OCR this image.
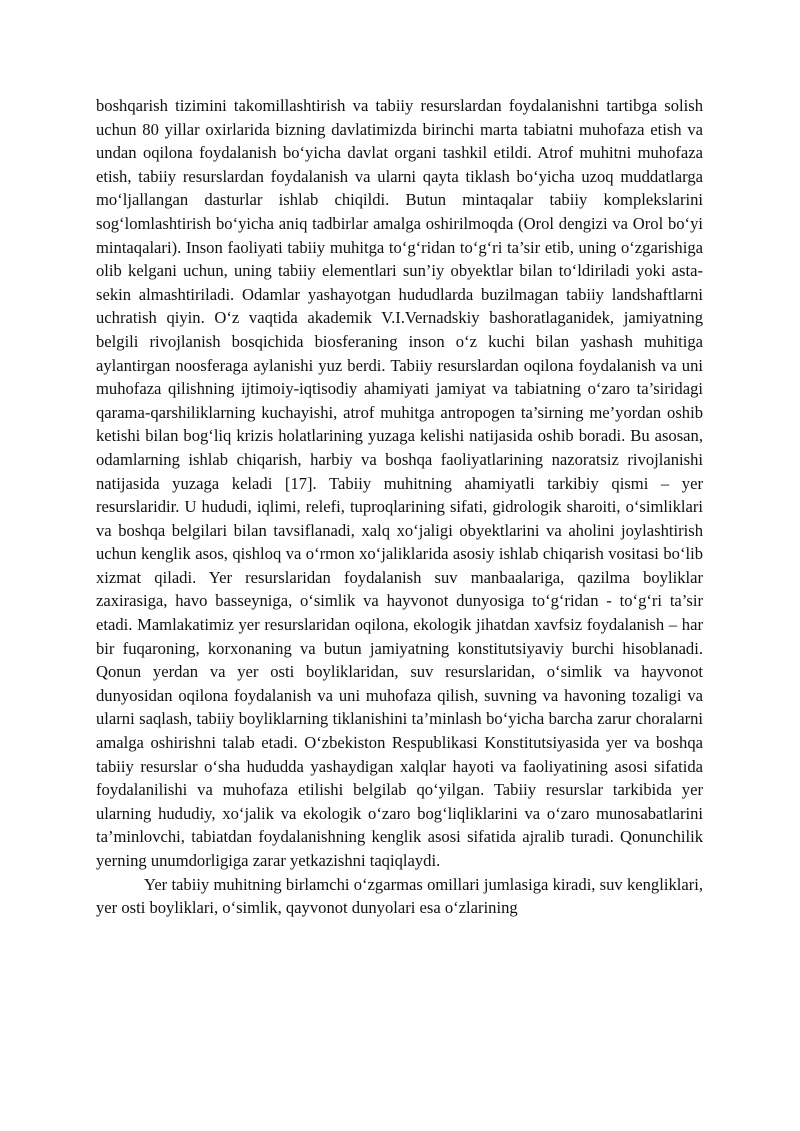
boshqarish tizimini takomillashtirish va tabiiy resurslardan foydalanishni tartibga solish uchun 80 yillar oxirlarida bizning davlatimizda birinchi marta tabiatni muhofaza etish va undan oqilona foydalanish bo‘yicha davlat organi tashkil etildi. Atrof muhitni muhofaza etish, tabiiy resurslardan foydalanish va ularni qayta tiklash bo‘yicha uzoq muddatlarga mo‘ljallangan dasturlar ishlab chiqildi. Butun mintaqalar tabiiy komplekslarini sog‘lomlashtirish bo‘yicha aniq tadbirlar amalga oshirilmoqda (Orol dengizi va Orol bo‘yi mintaqalari). Inson faoliyati tabiiy muhitga to‘g‘ridan to‘g‘ri ta’sir etib, uning o‘zgarishiga olib kelgani uchun, uning tabiiy elementlari sun’iy obyektlar bilan to‘ldiriladi yoki asta-sekin almashtiriladi. Odamlar yashayotgan hududlarda buzilmagan tabiiy landshaftlarni uchratish qiyin. O‘z vaqtida akademik V.I.Vernadskiy bashoratlaganidek, jamiyatning belgili rivojlanish bosqichida biosferaning inson o‘z kuchi bilan yashash muhitiga aylantirgan noosferaga aylanishi yuz berdi. Tabiiy resurslardan oqilona foydalanish va uni muhofaza qilishning ijtimoiy-iqtisodiy ahamiyati jamiyat va tabiatning o‘zaro ta’siridagi qarama-qarshiliklarning kuchayishi, atrof muhitga antropogen ta’sirning me’yordan oshib ketishi bilan bog‘liq krizis holatlarining yuzaga kelishi natijasida oshib boradi. Bu asosan, odamlarning ishlab chiqarish, harbiy va boshqa faoliyatlarining nazoratsiz rivojlanishi natijasida yuzaga keladi [17]. Tabiiy muhitning ahamiyatli tarkibiy qismi – yer resurslaridir. U hududi, iqlimi, relefi, tuproqlarining sifati, gidrologik sharoiti, o‘simliklari va boshqa belgilari bilan tavsiflanadi, xalq xo‘jaligi obyektlarini va aholini joylashtirish uchun kenglik asos, qishloq va o‘rmon xo‘jaliklarida asosiy ishlab chiqarish vositasi bo‘lib xizmat qiladi. Yer resurslaridan foydalanish suv manbaalariga, qazilma boyliklar zaxirasiga, havo basseyniga, o‘simlik va hayvonot dunyosiga to‘g‘ridan - to‘g‘ri ta’sir etadi. Mamlakatimiz yer resurslaridan oqilona, ekologik jihatdan xavfsiz foydalanish – har bir fuqaroning, korxonaning va butun jamiyatning konstitutsiyaviy burchi hisoblanadi. Qonun yerdan va yer osti boyliklaridan, suv resurslaridan, o‘simlik va hayvonot dunyosidan oqilona foydalanish va uni muhofaza qilish, suvning va havoning tozaligi va ularni saqlash, tabiiy boyliklarning tiklanishini ta’minlash bo‘yicha barcha zarur choralarni amalga oshirishni talab etadi. O‘zbekiston Respublikasi Konstitutsiyasida yer va boshqa tabiiy resurslar o‘sha hududda yashaydigan xalqlar hayoti va faoliyatining asosi sifatida foydalanilishi va muhofaza etilishi belgilab qo‘yilgan. Tabiiy resurslar tarkibida yer ularning hududiy, xo‘jalik va ekologik o‘zaro bog‘liqliklarini va o‘zaro munosabatlarini ta’minlovchi, tabiatdan foydalanishning kenglik asosi sifatida ajralib turadi. Qonunchilik yerning unumdorligiga zarar yetkazishni taqiqlaydi.

Yer tabiiy muhitning birlamchi o‘zgarmas omillari jumlasiga kiradi, suv kengliklari, yer osti boyliklari, o‘simlik, qayvonot dunyolari esa o‘zlarining
